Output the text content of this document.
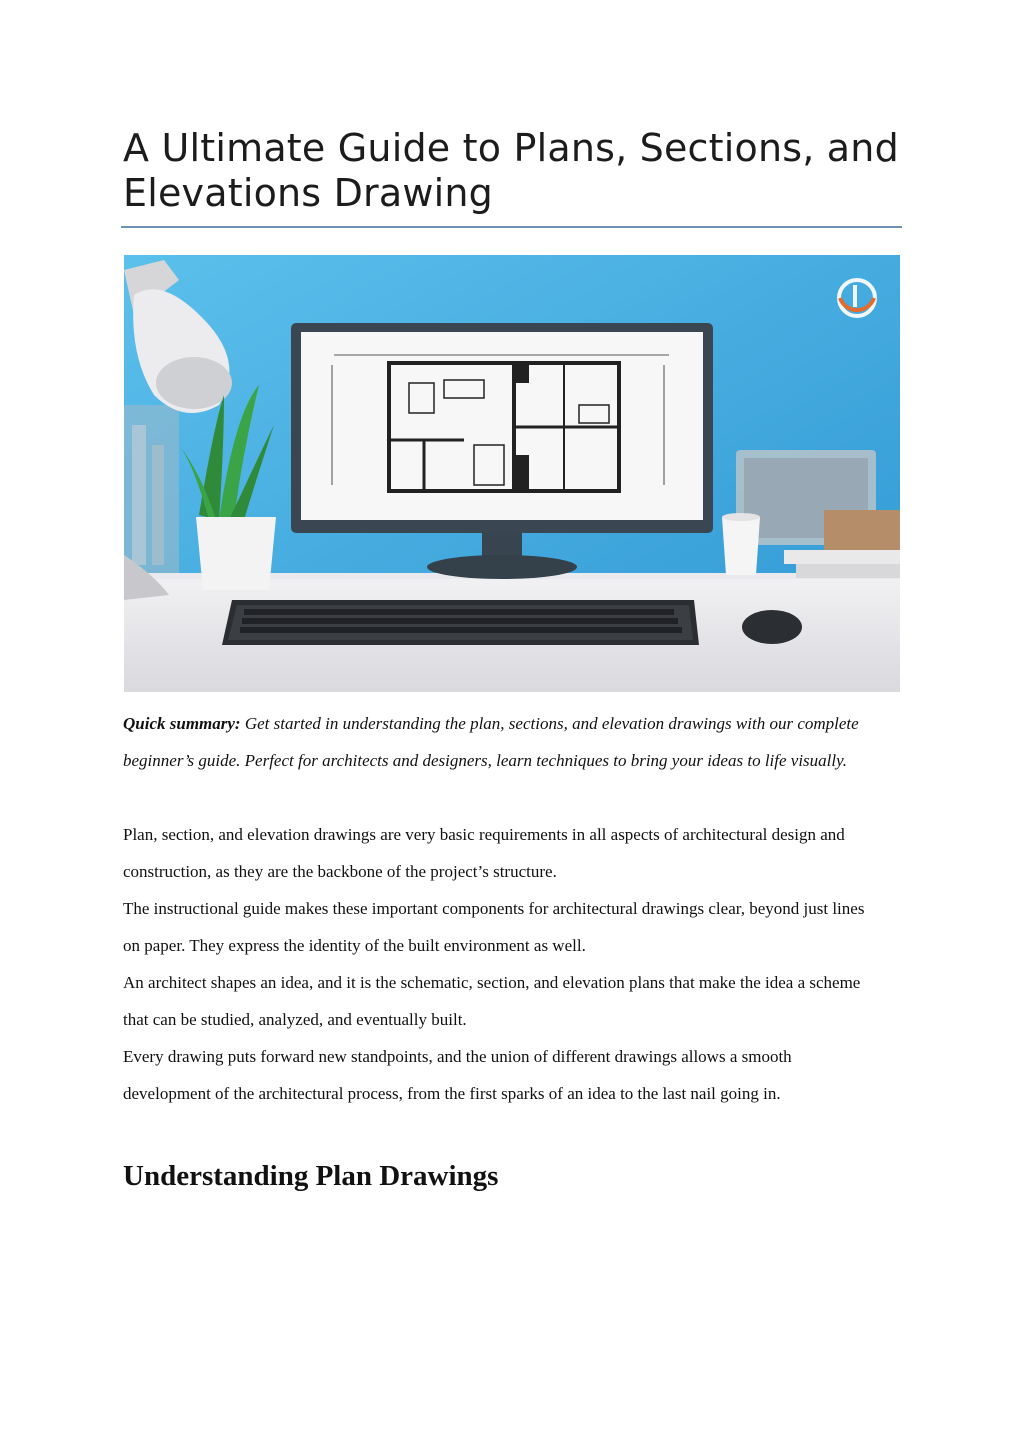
A Ultimate Guide to Plans, Sections, and Elevations Drawing

Quick summary: Get started in understanding the plan, sections, and elevation drawings with our complete beginner’s guide. Perfect for architects and designers, learn techniques to bring your ideas to life visually.

Plan, section, and elevation drawings are very basic requirements in all aspects of architectural design and construction, as they are the backbone of the project’s structure.

The instructional guide makes these important components for architectural drawings clear, beyond just lines on paper. They express the identity of the built environment as well.

An architect shapes an idea, and it is the schematic, section, and elevation plans that make the idea a scheme that can be studied, analyzed, and eventually built.

Every drawing puts forward new standpoints, and the union of different drawings allows a smooth development of the architectural process, from the first sparks of an idea to the last nail going in.

Understanding Plan Drawings
